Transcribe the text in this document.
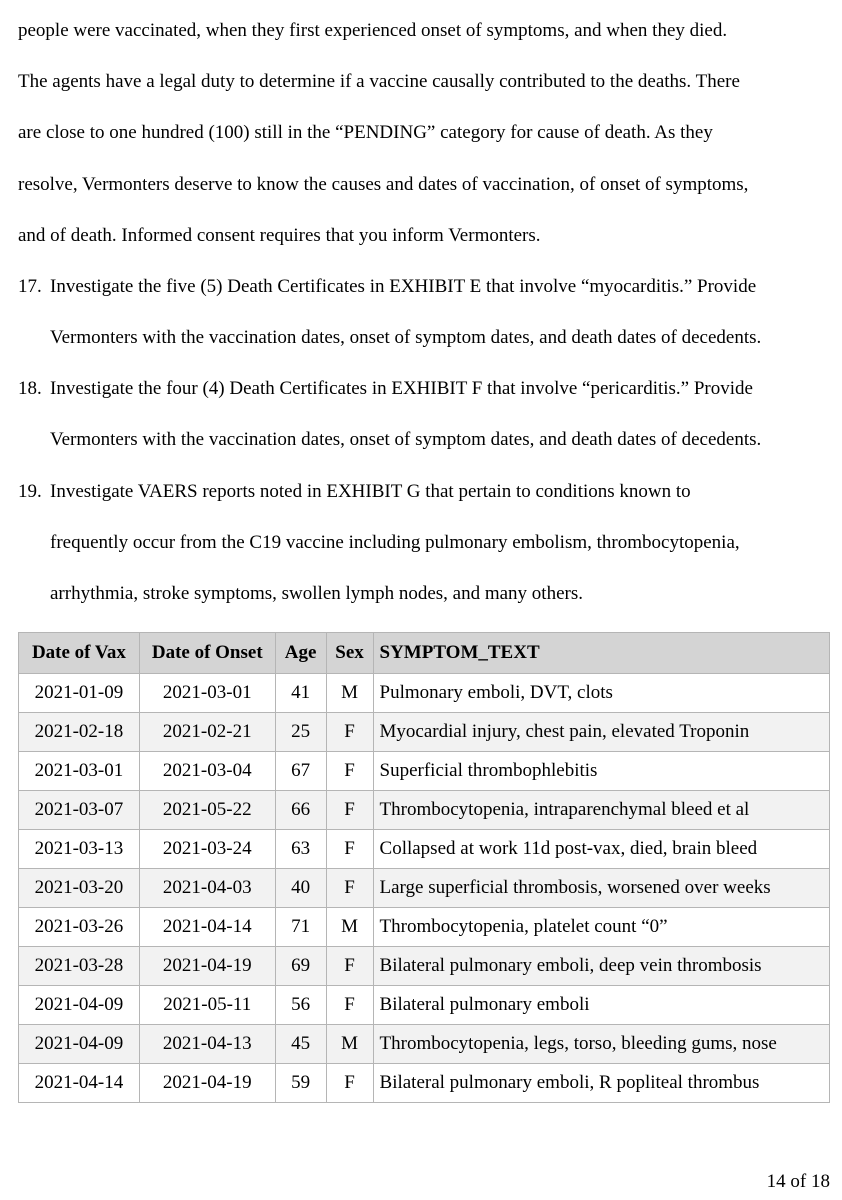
people were vaccinated, when they first experienced onset of symptoms, and when they died.

The agents have a legal duty to determine if a vaccine causally contributed to the deaths. There

are close to one hundred (100) still in the “PENDING” category for cause of death. As they

resolve, Vermonters deserve to know the causes and dates of vaccination, of onset of symptoms,

and of death. Informed consent requires that you inform Vermonters.

17. Investigate the five (5) Death Certificates in EXHIBIT E that involve “myocarditis.” Provide

Vermonters with the vaccination dates, onset of symptom dates, and death dates of decedents.

18. Investigate the four (4) Death Certificates in EXHIBIT F that involve “pericarditis.” Provide

Vermonters with the vaccination dates, onset of symptom dates, and death dates of decedents.

19. Investigate VAERS reports noted in EXHIBIT G that pertain to conditions known to

frequently occur from the C19 vaccine including pulmonary embolism, thrombocytopenia,

arrhythmia, stroke symptoms, swollen lymph nodes, and many others.

Date of Vax	Date of Onset	Age	Sex	SYMPTOM_TEXT
2021-01-09	2021-03-01	41	M	Pulmonary emboli, DVT, clots
2021-02-18	2021-02-21	25	F	Myocardial injury, chest pain, elevated Troponin
2021-03-01	2021-03-04	67	F	Superficial thrombophlebitis
2021-03-07	2021-05-22	66	F	Thrombocytopenia, intraparenchymal bleed et al
2021-03-13	2021-03-24	63	F	Collapsed at work 11d post-vax, died, brain bleed
2021-03-20	2021-04-03	40	F	Large superficial thrombosis, worsened over weeks
2021-03-26	2021-04-14	71	M	Thrombocytopenia, platelet count “0”
2021-03-28	2021-04-19	69	F	Bilateral pulmonary emboli, deep vein thrombosis
2021-04-09	2021-05-11	56	F	Bilateral pulmonary emboli
2021-04-09	2021-04-13	45	M	Thrombocytopenia, legs, torso, bleeding gums, nose
2021-04-14	2021-04-19	59	F	Bilateral pulmonary emboli, R popliteal thrombus
14 of 18
